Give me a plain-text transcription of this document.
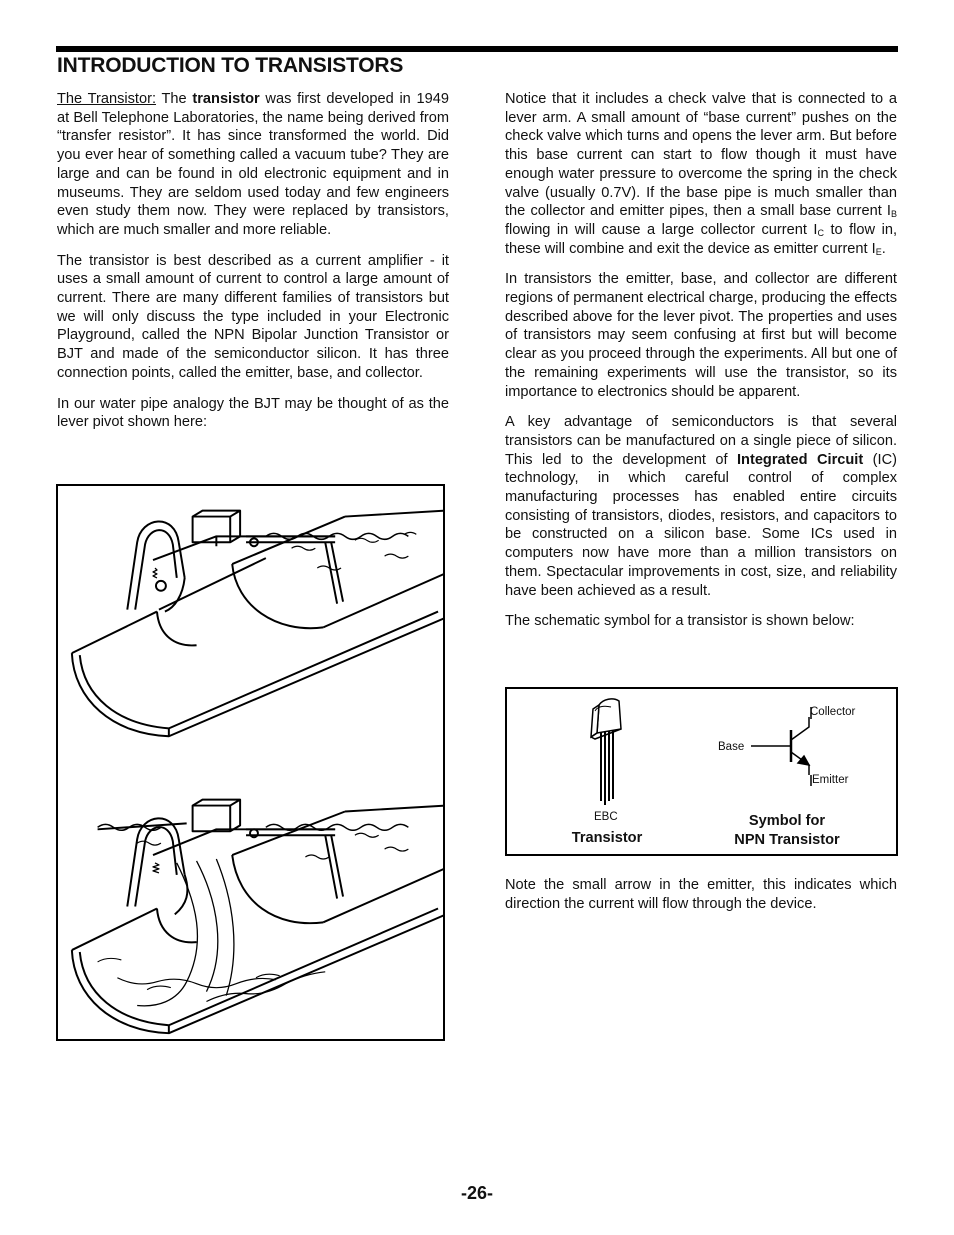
INTRODUCTION TO TRANSISTORS

The Transistor: The transistor was first developed in 1949 at Bell Telephone Laboratories, the name being derived from “transfer resistor”. It has since transformed the world. Did you ever hear of something called a vacuum tube? They are large and can be found in old electronic equipment and in museums. They are seldom used today and few engineers even study them now. They were replaced by transistors, which are much smaller and more reliable.

The transistor is best described as a current amplifier - it uses a small amount of current to control a large amount of current. There are many different families of transistors but we will only discuss the type included in your Electronic Playground, called the NPN Bipolar Junction Transistor or BJT and made of the semiconductor silicon. It has three connection points, called the emitter, base, and collector.

In our water pipe analogy the BJT may be thought of as the lever pivot shown here:

Notice that it includes a check valve that is connected to a lever arm. A small amount of “base current” pushes on the check valve which turns and opens the lever arm. But before this base current can start to flow though it must have enough water pressure to overcome the spring in the check valve (usually 0.7V). If the base pipe is much smaller than the collector and emitter pipes, then a small base current $I_B$ flowing in will cause a large collector current $I_C$ to flow in, these will combine and exit the device as emitter current $I_E$.

In transistors the emitter, base, and collector are different regions of permanent electrical charge, producing the effects described above for the lever pivot. The properties and uses of transistors may seem confusing at first but will become clear as you proceed through the experiments. All but one of the remaining experiments will use the transistor, so its importance to electronics should be apparent.

A key advantage of semiconductors is that several transistors can be manufactured on a single piece of silicon. This led to the development of Integrated Circuit (IC) technology, in which careful control of complex manufacturing processes has enabled entire circuits consisting of transistors, diodes, resistors, and capacitors to be constructed on a silicon base. Some ICs used in computers now have more than a million transistors on them. Spectacular improvements in cost, size, and reliability have been achieved as a result.

The schematic symbol for a transistor is shown below:

Collector
Base
Emitter
EBC
Transistor
Symbol for
NPN Transistor

Note the small arrow in the emitter, this indicates which direction the current will flow through the device.

-26-
